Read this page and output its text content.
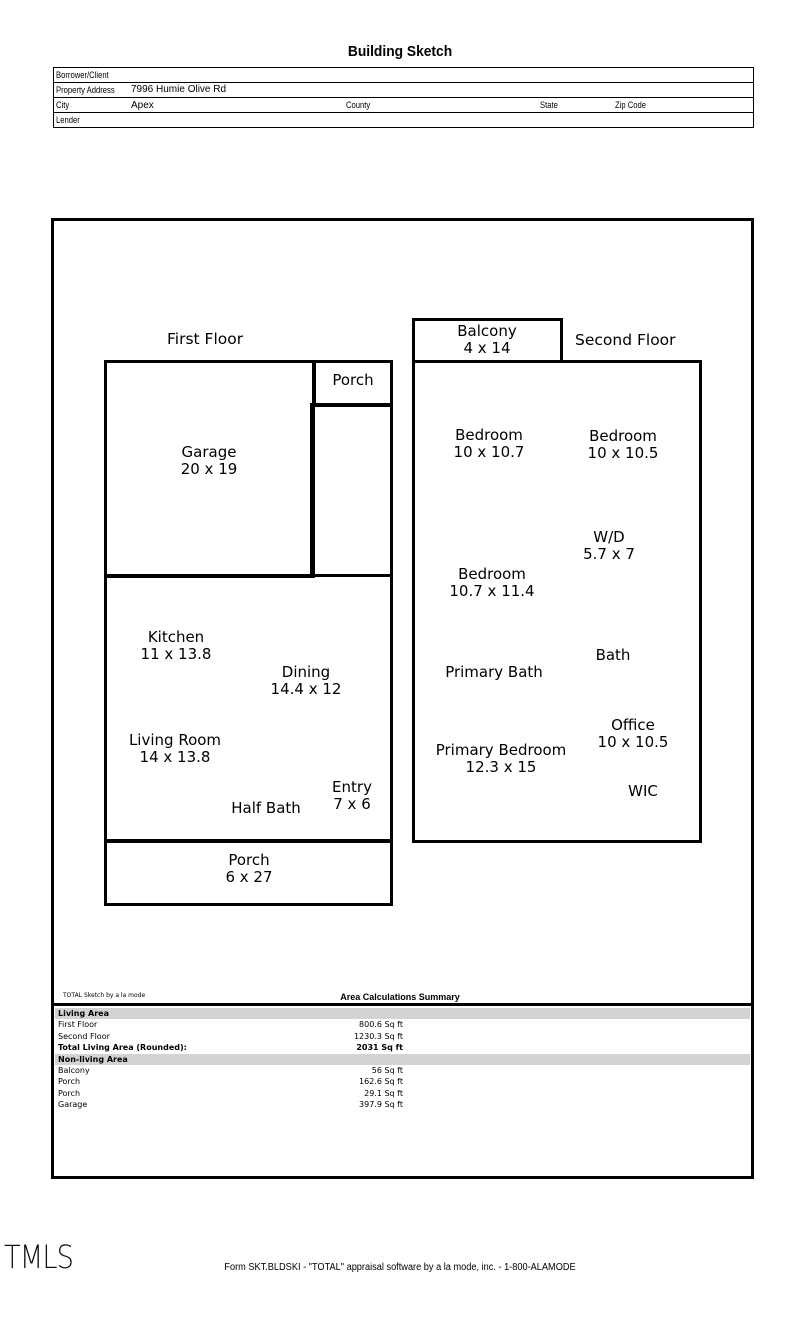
Building Sketch
Borrower/Client
Property Address 7996 Humie Olive Rd
City	Apex	County	State	Zip Code
Lender
First Floor
Garage
20 x 19
Porch
Kitchen
11 x 13.8
Dining
14.4 x 12
Living Room
14 x 13.8
Entry
7 x 6
Half Bath
Porch
6 x 27
Second Floor
Balcony
4 x 14
Bedroom
10 x 10.7
Bedroom
10 x 10.5
W/D
5.7 x 7
Bedroom
10.7 x 11.4
Bath
Primary Bath
Office
10 x 10.5
Primary Bedroom
12.3 x 15
WIC
TOTAL Sketch by a la mode	Area Calculations Summary
Living Area
First Floor	800.6 Sq ft
Second Floor	1230.3 Sq ft
Total Living Area (Rounded):	2031 Sq ft
Non-living Area
Balcony	56 Sq ft
Porch	162.6 Sq ft
Porch	29.1 Sq ft
Garage	397.9 Sq ft
TMLS	Form SKT.BLDSKI - "TOTAL" appraisal software by a la mode, inc. - 1-800-ALAMODE
